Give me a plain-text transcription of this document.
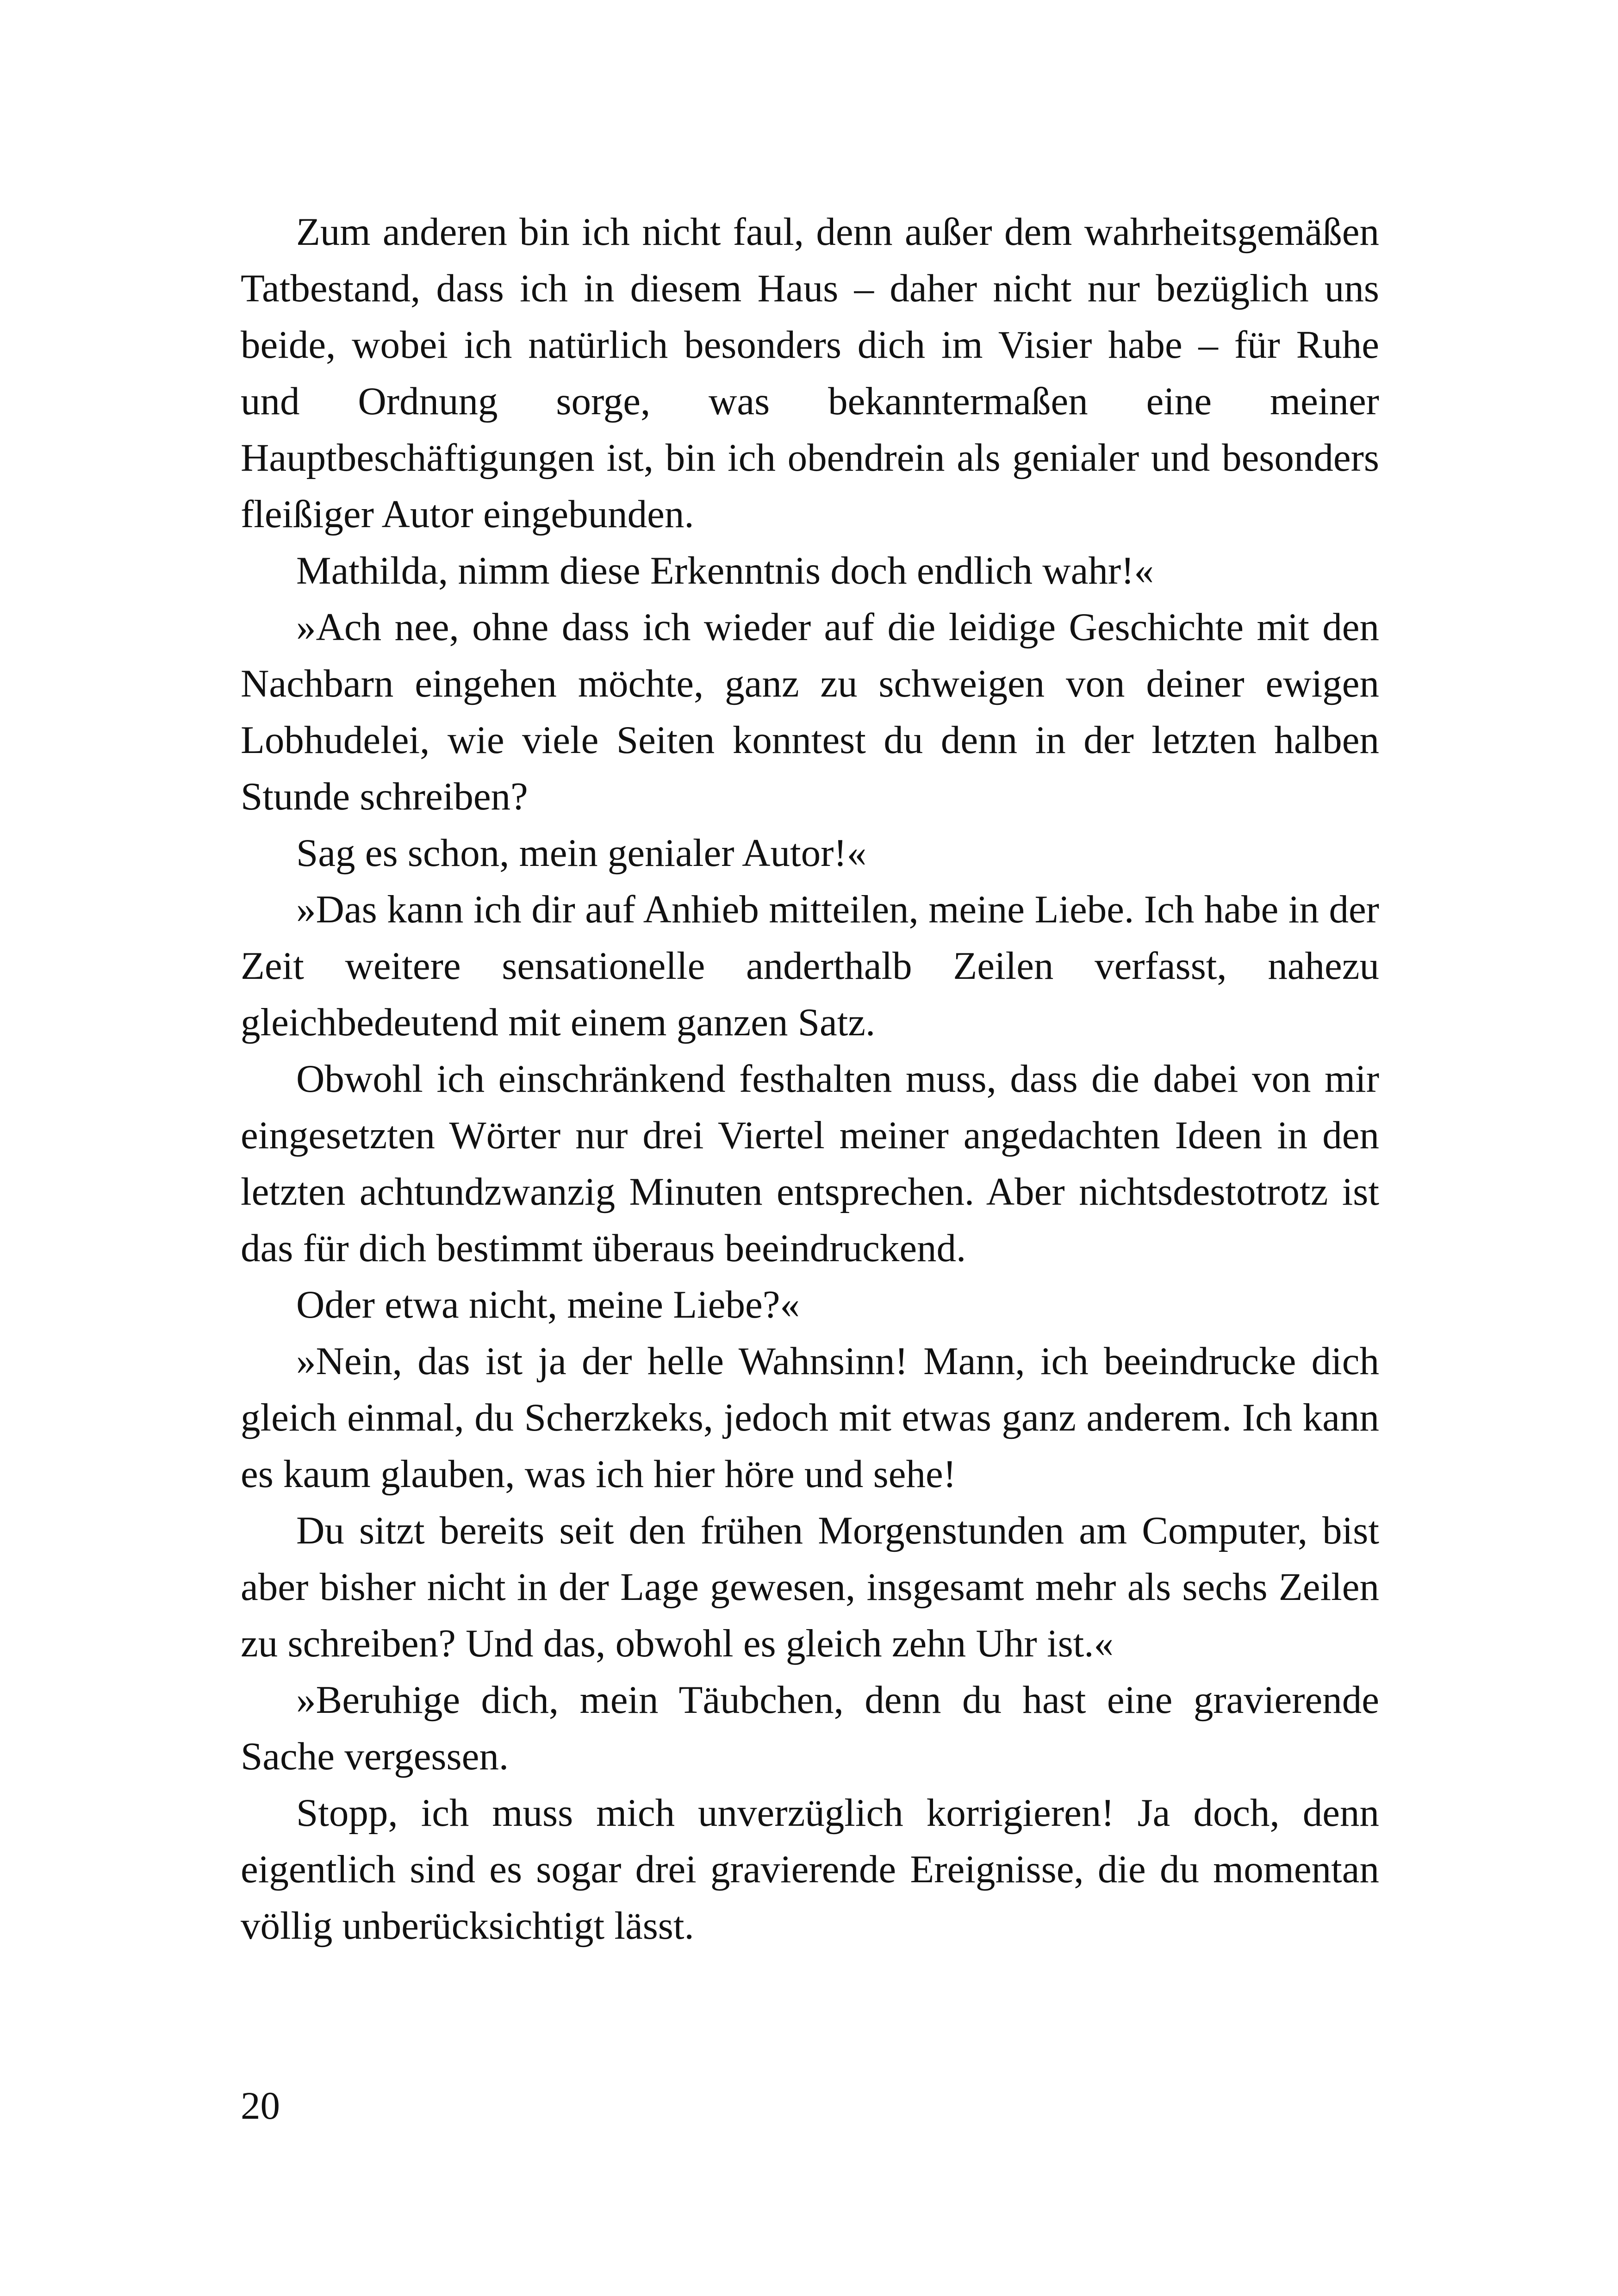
Zum anderen bin ich nicht faul, denn außer dem wahrheitsgemäßen Tatbestand, dass ich in diesem Haus – daher nicht nur bezüglich uns beide, wobei ich natürlich besonders dich im Visier habe – für Ruhe und Ordnung sorge, was bekanntermaßen eine meiner Hauptbeschäftigungen ist, bin ich obendrein als genialer und besonders fleißiger Autor eingebunden.

Mathilda, nimm diese Erkenntnis doch endlich wahr!«

»Ach nee, ohne dass ich wieder auf die leidige Geschichte mit den Nachbarn eingehen möchte, ganz zu schweigen von deiner ewigen Lobhudelei, wie viele Seiten konntest du denn in der letzten halben Stunde schreiben?

Sag es schon, mein genialer Autor!«

»Das kann ich dir auf Anhieb mitteilen, meine Liebe. Ich habe in der Zeit weitere sensationelle anderthalb Zeilen verfasst, nahezu gleichbedeutend mit einem ganzen Satz.

Obwohl ich einschränkend festhalten muss, dass die dabei von mir eingesetzten Wörter nur drei Viertel meiner angedachten Ideen in den letzten achtundzwanzig Minuten entsprechen. Aber nichtsdestotrotz ist das für dich bestimmt überaus beeindruckend.

Oder etwa nicht, meine Liebe?«

»Nein, das ist ja der helle Wahnsinn! Mann, ich beeindrucke dich gleich einmal, du Scherzkeks, jedoch mit etwas ganz anderem. Ich kann es kaum glauben, was ich hier höre und sehe!

Du sitzt bereits seit den frühen Morgenstunden am Computer, bist aber bisher nicht in der Lage gewesen, insgesamt mehr als sechs Zeilen zu schreiben? Und das, obwohl es gleich zehn Uhr ist.«

»Beruhige dich, mein Täubchen, denn du hast eine gravierende Sache vergessen.

Stopp, ich muss mich unverzüglich korrigieren! Ja doch, denn eigentlich sind es sogar drei gravierende Ereignisse, die du momentan völlig unberücksichtigt lässt.

20
